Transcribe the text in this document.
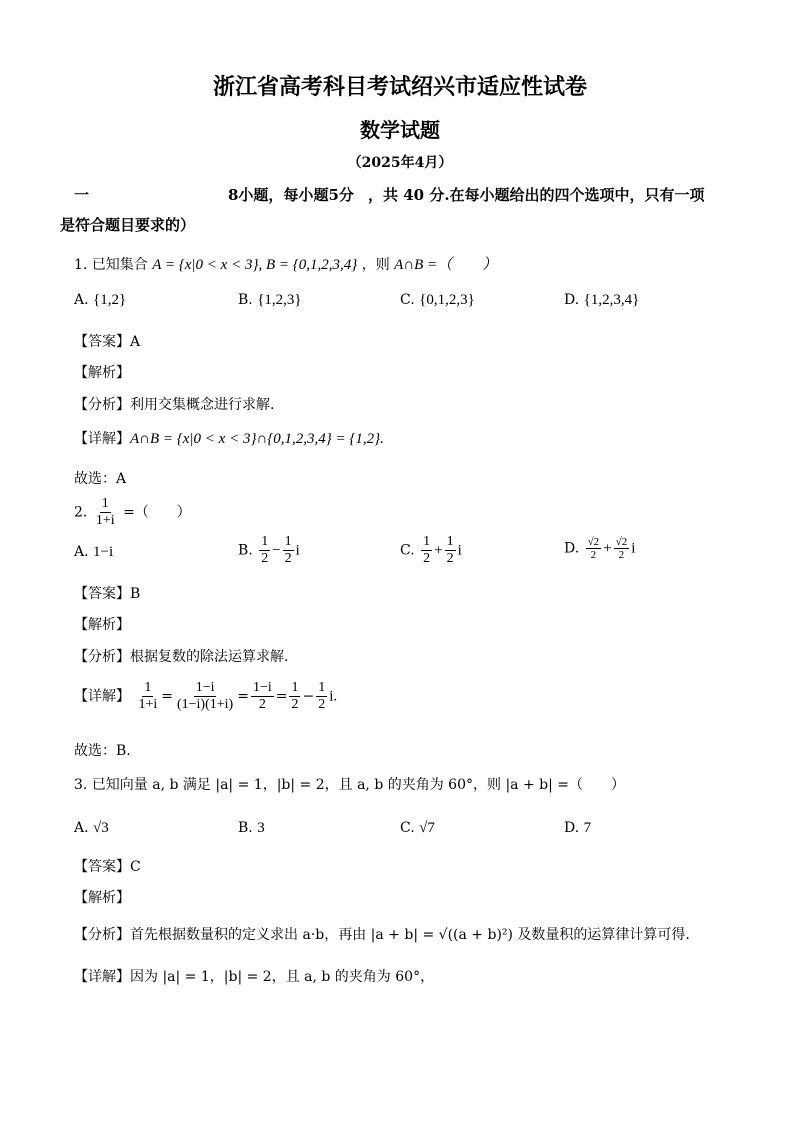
浙江省高考科目考试绍兴市适应性试卷
数学试题
（2025年4月）
一	8小题，每小题5分 ，共 40 分.在每小题给出的四个选项中，只有一项
是符合题目要求的）
1. 已知集合 A = {x|0 < x < 3}, B = {0,1,2,3,4} ，则 A∩B =（　　）
A. {1,2}	B. {1,2,3}	C. {0,1,2,3}	D. {1,2,3,4}
【答案】A
【解析】
【分析】利用交集概念进行求解.
【详解】A∩B = {x|0 < x < 3}∩{0,1,2,3,4} = {1,2}.
故选：A
2. $\frac{1}{1+i}$ =（　　）
A. 1−i	B. $\frac{1}{2} - \frac{1}{2}$ i	C. $\frac{1}{2} + \frac{1}{2}$ i	D. $\frac{√2}{2} + \frac{√2}{2}$ i
【答案】B
【解析】
【分析】根据复数的除法运算求解.
【详解】 $\frac{1}{1+i} = \frac{1-i}{(1-i)(1+i)} = \frac{1-i}{2} = \frac{1}{2} - \frac{1}{2} i$.
故选：B.
3. 已知向量 a, b 满足 |a| = 1，|b| = 2，且 a, b 的夹角为 60°，则 |a + b| =（　　）
A. √3	B. 3	C. √7	D. 7
【答案】C
【解析】
【分析】首先根据数量积的定义求出 a·b，再由 |a + b| = √((a + b)²) 及数量积的运算律计算可得.
【详解】因为 |a| = 1，|b| = 2，且 a, b 的夹角为 60°，
